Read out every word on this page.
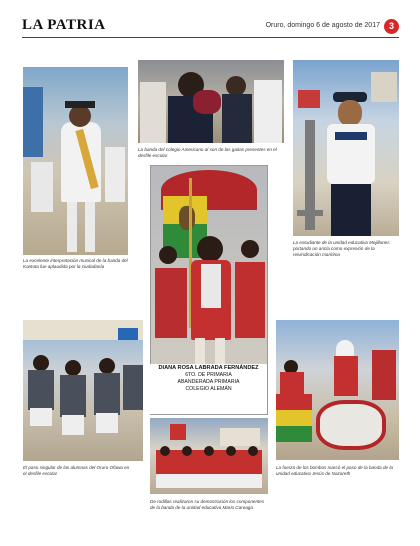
LA PATRIA	Oruro, domingo 6 de agosto de 2017 3
La excelente interpretación musical de la banda del Kantuta fue aplaudida por la ciudadanía
La banda del colegio Americano al son de las gaitas presentes en el desfile escolar
La estudiante de la unidad educativa Mejillones portando un ancla como expresión de la reivindicación marítima
DIANA ROSA LABRADA FERNÁNDEZ
6TO. DE PRIMARIA
ABANDERADA PRIMARIA
COLEGIO ALEMÁN
El paso singular de las alumnas del Oruro Ofawa en el desfile escolar
De rodillas realizaron su demostración los componentes de la banda de la unidad educativa Mario Careaga
La fuerza de los bombos marcó el paso de la banda de la unidad educativa Jesús de Nazareth
